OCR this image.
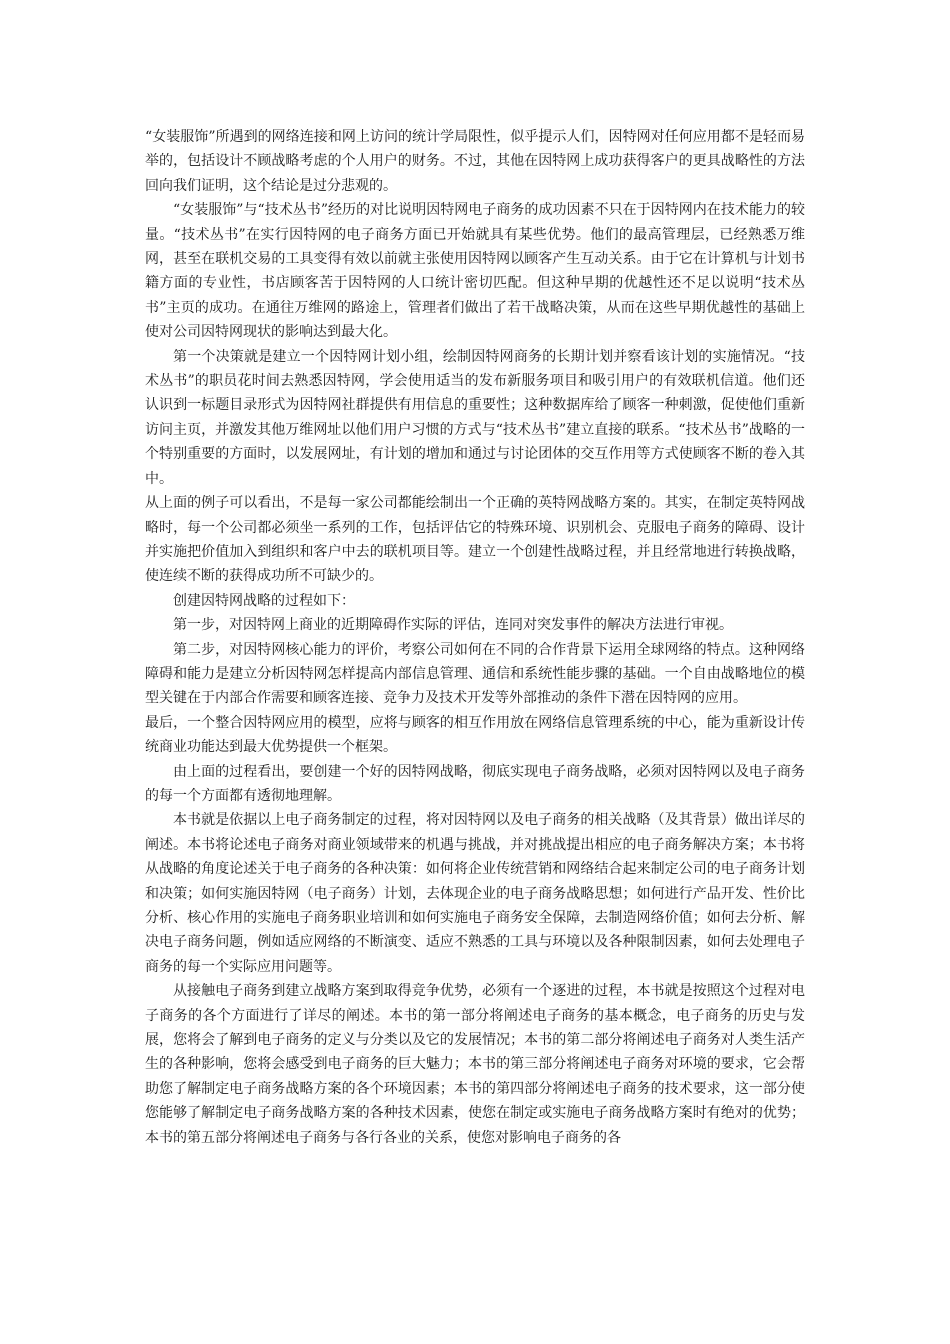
“女装服饰”所遇到的网络连接和网上访问的统计学局限性，似乎提示人们，因特网对任何应用都不是轻而易举的，包括设计不顾战略考虑的个人用户的财务。不过，其他在因特网上成功获得客户的更具战略性的方法回向我们证明，这个结论是过分悲观的。

“女装服饰”与“技术丛书”经历的对比说明因特网电子商务的成功因素不只在于因特网内在技术能力的较量。“技术丛书”在实行因特网的电子商务方面已开始就具有某些优势。他们的最高管理层，已经熟悉万维网，甚至在联机交易的工具变得有效以前就主张使用因特网以顾客产生互动关系。由于它在计算机与计划书籍方面的专业性，书店顾客苦于因特网的人口统计密切匹配。但这种早期的优越性还不足以说明“技术丛书”主页的成功。在通往万维网的路途上，管理者们做出了若干战略决策，从而在这些早期优越性的基础上使对公司因特网现状的影响达到最大化。

第一个决策就是建立一个因特网计划小组，绘制因特网商务的长期计划并察看该计划的实施情况。“技术丛书”的职员花时间去熟悉因特网，学会使用适当的发布新服务项目和吸引用户的有效联机信道。他们还认识到一标题目录形式为因特网社群提供有用信息的重要性；这种数据库给了顾客一种刺激，促使他们重新访问主页，并激发其他万维网址以他们用户习惯的方式与“技术丛书”建立直接的联系。“技术丛书”战略的一个特别重要的方面时，以发展网址，有计划的增加和通过与讨论团体的交互作用等方式使顾客不断的卷入其中。

从上面的例子可以看出，不是每一家公司都能绘制出一个正确的英特网战略方案的。其实，在制定英特网战略时，每一个公司都必须坐一系列的工作，包括评估它的特殊环境、识别机会、克服电子商务的障碍、设计并实施把价值加入到组织和客户中去的联机项目等。建立一个创建性战略过程，并且经常地进行转换战略，使连续不断的获得成功所不可缺少的。

创建因特网战略的过程如下：

第一步，对因特网上商业的近期障碍作实际的评估，连同对突发事件的解决方法进行审视。

第二步，对因特网核心能力的评价，考察公司如何在不同的合作背景下运用全球网络的特点。这种网络障碍和能力是建立分析因特网怎样提高内部信息管理、通信和系统性能步骤的基础。一个自由战略地位的模型关键在于内部合作需要和顾客连接、竞争力及技术开发等外部推动的条件下潜在因特网的应用。

最后，一个整合因特网应用的模型，应将与顾客的相互作用放在网络信息管理系统的中心，能为重新设计传统商业功能达到最大优势提供一个框架。

由上面的过程看出，要创建一个好的因特网战略，彻底实现电子商务战略，必须对因特网以及电子商务的每一个方面都有透彻地理解。

本书就是依据以上电子商务制定的过程，将对因特网以及电子商务的相关战略（及其背景）做出详尽的阐述。本书将论述电子商务对商业领域带来的机遇与挑战，并对挑战提出相应的电子商务解决方案；本书将从战略的角度论述关于电子商务的各种决策：如何将企业传统营销和网络结合起来制定公司的电子商务计划和决策；如何实施因特网（电子商务）计划，去体现企业的电子商务战略思想；如何进行产品开发、性价比分析、核心作用的实施电子商务职业培训和如何实施电子商务安全保障，去制造网络价值；如何去分析、解决电子商务问题，例如适应网络的不断演变、适应不熟悉的工具与环境以及各种限制因素，如何去处理电子商务的每一个实际应用问题等。

从接触电子商务到建立战略方案到取得竞争优势，必须有一个逐进的过程，本书就是按照这个过程对电子商务的各个方面进行了详尽的阐述。本书的第一部分将阐述电子商务的基本概念，电子商务的历史与发展，您将会了解到电子商务的定义与分类以及它的发展情况；本书的第二部分将阐述电子商务对人类生活产生的各种影响，您将会感受到电子商务的巨大魅力；本书的第三部分将阐述电子商务对环境的要求，它会帮助您了解制定电子商务战略方案的各个环境因素；本书的第四部分将阐述电子商务的技术要求，这一部分使您能够了解制定电子商务战略方案的各种技术因素，使您在制定或实施电子商务战略方案时有绝对的优势；本书的第五部分将阐述电子商务与各行各业的关系，使您对影响电子商务的各
